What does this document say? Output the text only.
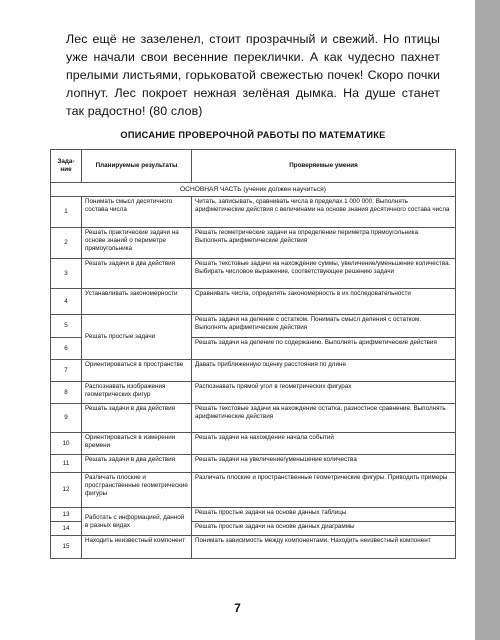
Лес ещё не зазеленел, стоит прозрачный и свежий. Но птицы уже начали свои весенние переклички. А как чудесно пахнет прелыми листьями, горьковатой свежестью почек! Скоро почки лопнут. Лес покроет нежная зелёная дымка. На душе станет так радостно! (80 слов)

ОПИСАНИЕ ПРОВЕРОЧНОЙ РАБОТЫ ПО МАТЕМАТИКЕ
Зада-ние	Планируемые результаты	Проверяемые умения
ОСНОВНАЯ ЧАСТЬ (ученик должен научиться)		
1	Понимать смысл десятичного состава числа	Читать, записывать, сравнивать числа в пределах 1 000 000. Выполнять арифметические действия с величинами на основе знания десятичного состава числа
2	Решать практические задачи на основе знаний о периметре прямоугольника	Решать геометрические задачи на определение периметра прямоугольника. Выполнять арифметические действия
3	Решать задачи в два действия	Решать текстовые задачи на нахождение суммы, увеличение/уменьшение количества. Выбирать числовое выражение, соответствующее решению задачи
4	Устанавливать закономерности	Сравнивать числа, определять закономерность в их последовательности
5	Решать простые задачи	Решать задачи на деление с остатком. Понимать смысл деления с остатком. Выполнять арифметические действия
6		Решать задачи на деление по содержанию. Выполнять арифметические действия
7	Ориентироваться в пространстве	Давать приближенную оценку расстояния по длине
8	Распознавать изображения геометрических фигур	Распознавать прямой угол в геометрических фигурах
9	Решать задачи в два действия	Решать текстовые задачи на нахождение остатка, разностное сравнение. Выполнять арифметические действия
10	Ориентироваться в измерении времени	Решать задачи на нахождение начала событий
11	Решать задачи в два действия	Решать задачи на увеличение/уменьшение количества
12	Различать плоские и пространственные геометрические фигуры	Различать плоские и пространственные геометрические фигуры. Приводить примеры
13	Работать с информацией, данной в разных видах	Решать простые задачи на основе данных таблицы
14		Решать простые задачи на основе данных диаграммы
15	Находить неизвестный компонент	Понимать зависимость между компонентами. Находить неизвестный компонент
7
